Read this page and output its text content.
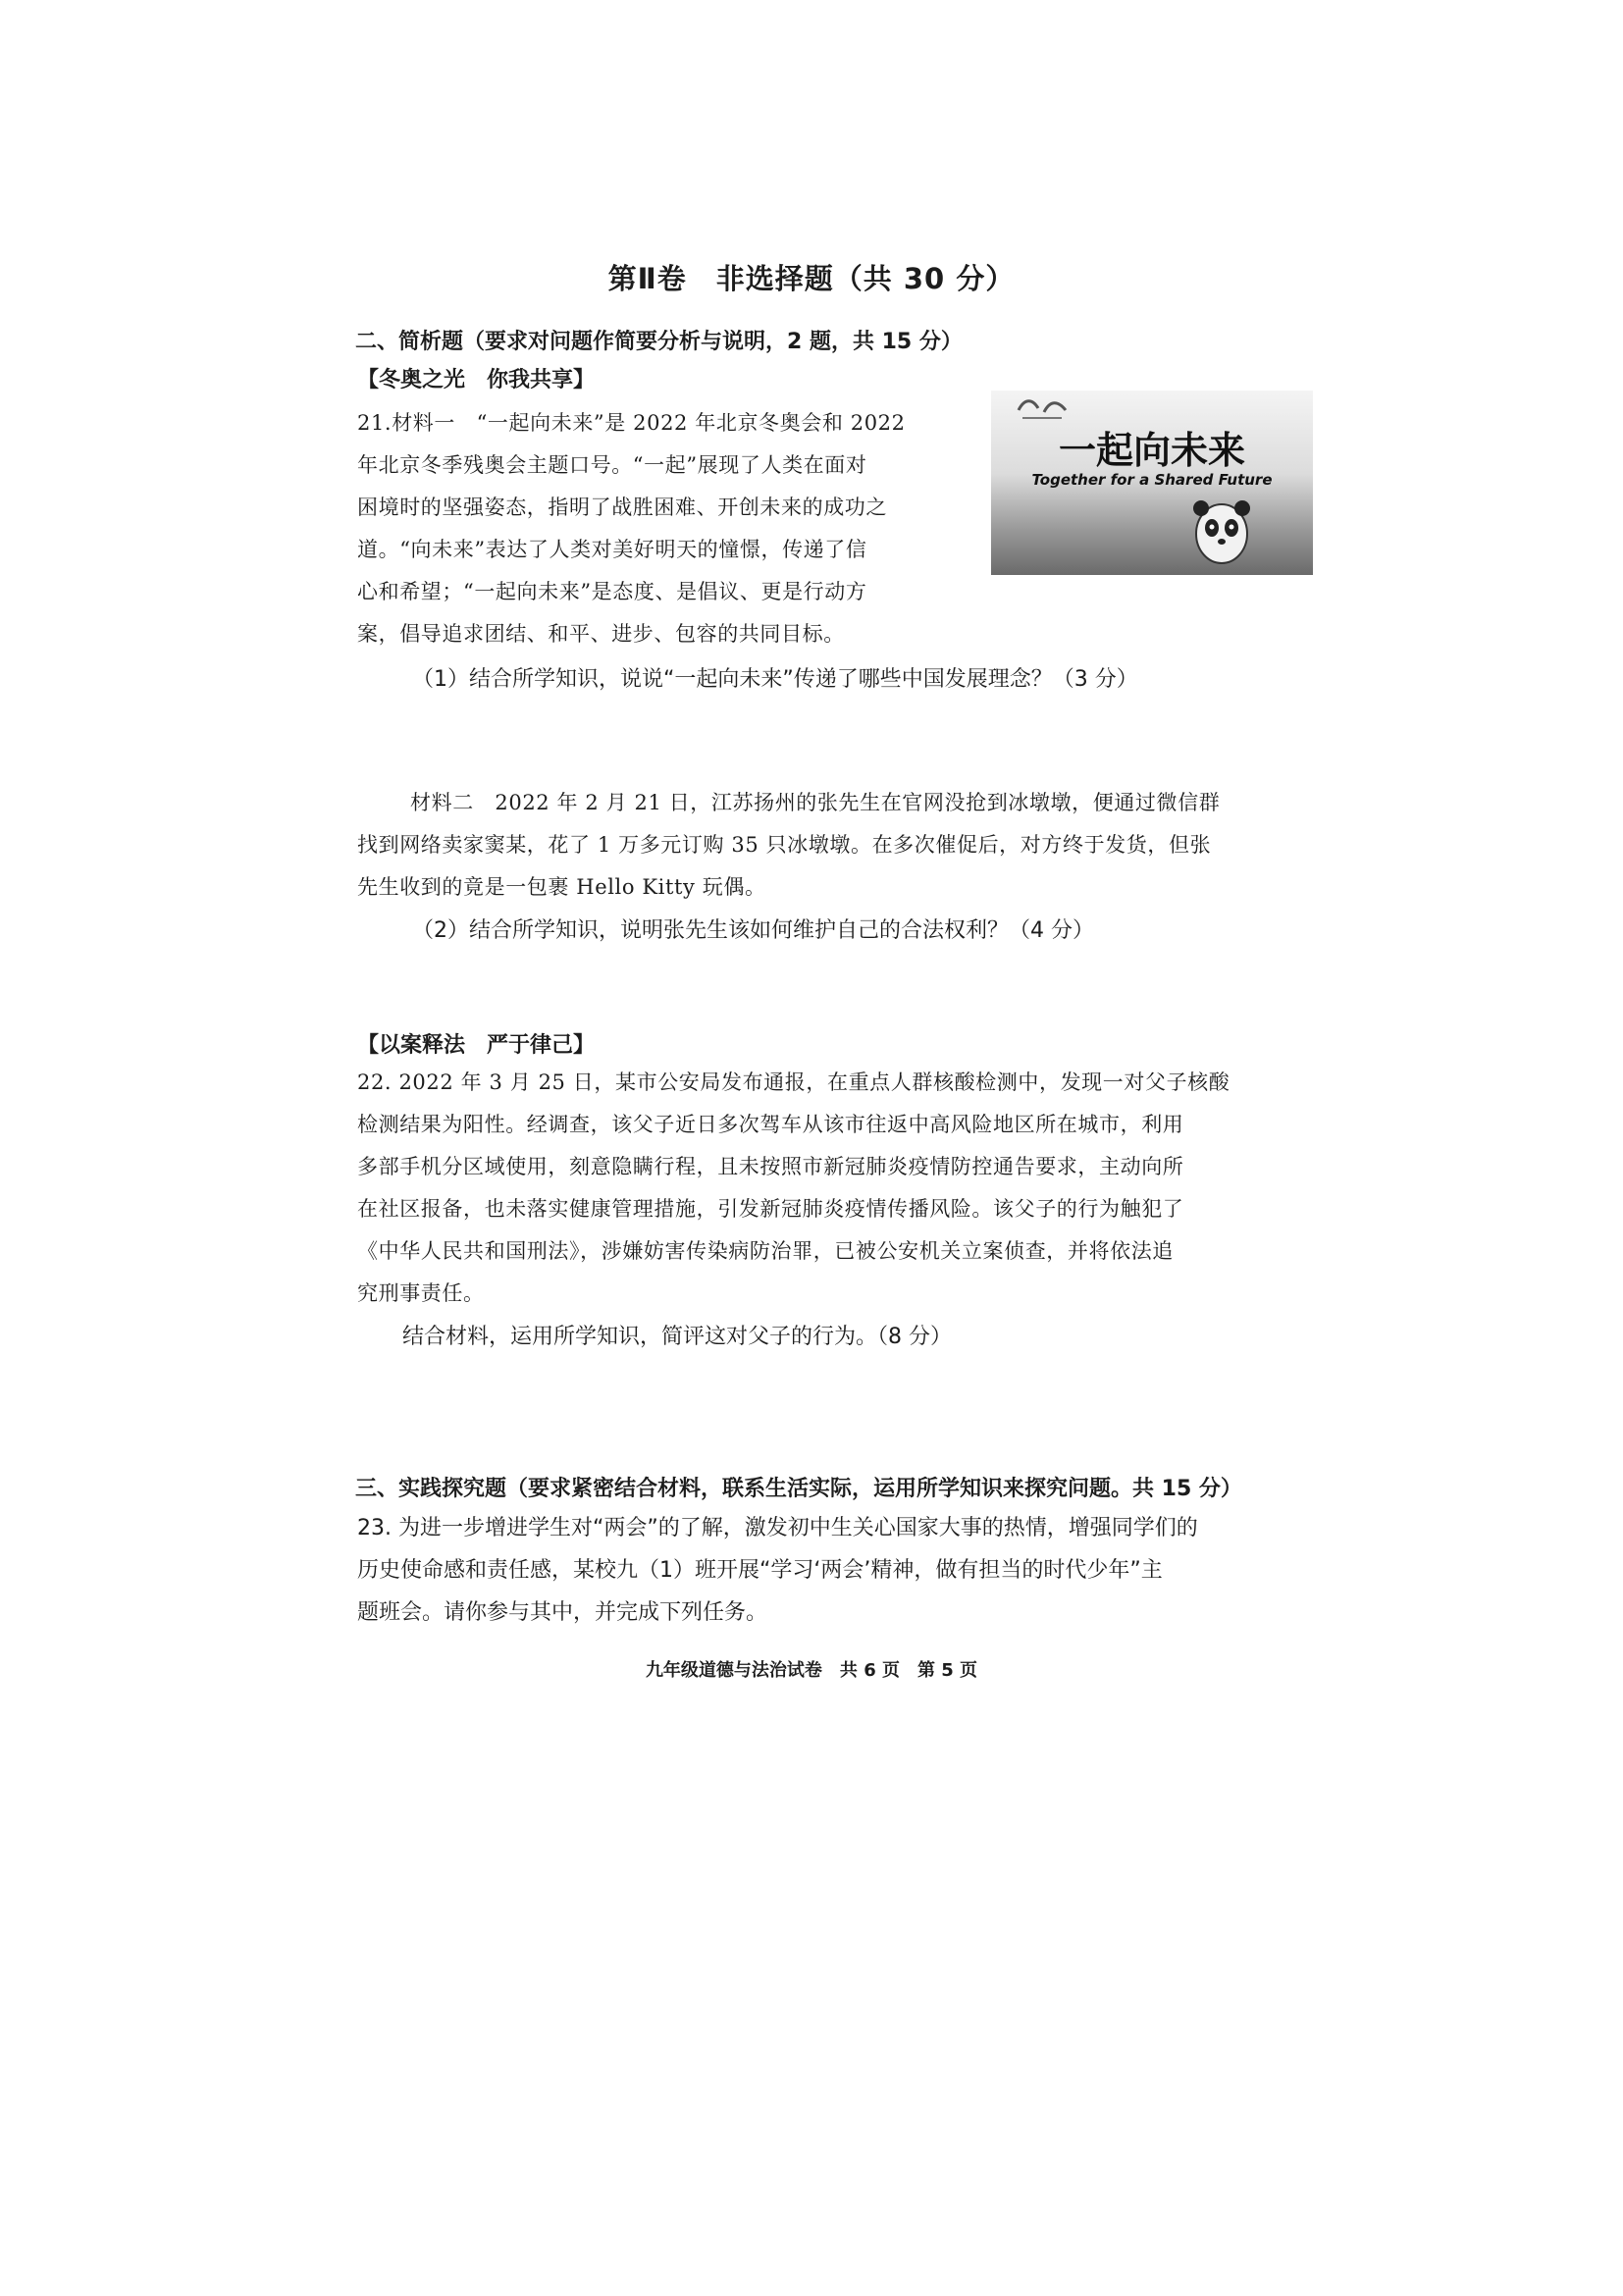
第Ⅱ卷　非选择题（共 30 分）
二、简析题（要求对问题作简要分析与说明，2 题，共 15 分）
【冬奥之光　你我共享】
21.材料一　“一起向未来”是 2022 年北京冬奥会和 2022
年北京冬季残奥会主题口号。“一起”展现了人类在面对
困境时的坚强姿态，指明了战胜困难、开创未来的成功之
道。“向未来”表达了人类对美好明天的憧憬，传递了信
心和希望；“一起向未来”是态度、是倡议、更是行动方
案，倡导追求团结、和平、进步、包容的共同目标。
一起向未来
Together for a Shared Future
（1）结合所学知识，说说“一起向未来”传递了哪些中国发展理念？（3 分）
材料二　2022 年 2 月 21 日，江苏扬州的张先生在官网没抢到冰墩墩，便通过微信群
找到网络卖家窦某，花了 1 万多元订购 35 只冰墩墩。在多次催促后，对方终于发货，但张
先生收到的竟是一包裹 Hello Kitty 玩偶。
（2）结合所学知识，说明张先生该如何维护自己的合法权利？（4 分）
【以案释法　严于律己】
22. 2022 年 3 月 25 日，某市公安局发布通报，在重点人群核酸检测中，发现一对父子核酸
检测结果为阳性。经调查，该父子近日多次驾车从该市往返中高风险地区所在城市，利用
多部手机分区域使用，刻意隐瞒行程，且未按照市新冠肺炎疫情防控通告要求，主动向所
在社区报备，也未落实健康管理措施，引发新冠肺炎疫情传播风险。该父子的行为触犯了
《中华人民共和国刑法》，涉嫌妨害传染病防治罪，已被公安机关立案侦查，并将依法追
究刑事责任。
结合材料，运用所学知识，简评这对父子的行为。（8 分）
三、实践探究题（要求紧密结合材料，联系生活实际，运用所学知识来探究问题。共 15 分）
23. 为进一步增进学生对“两会”的了解，激发初中生关心国家大事的热情，增强同学们的
历史使命感和责任感，某校九（1）班开展“学习‘两会’精神，做有担当的时代少年”主
题班会。请你参与其中，并完成下列任务。
九年级道德与法治试卷　共 6 页　第 5 页
